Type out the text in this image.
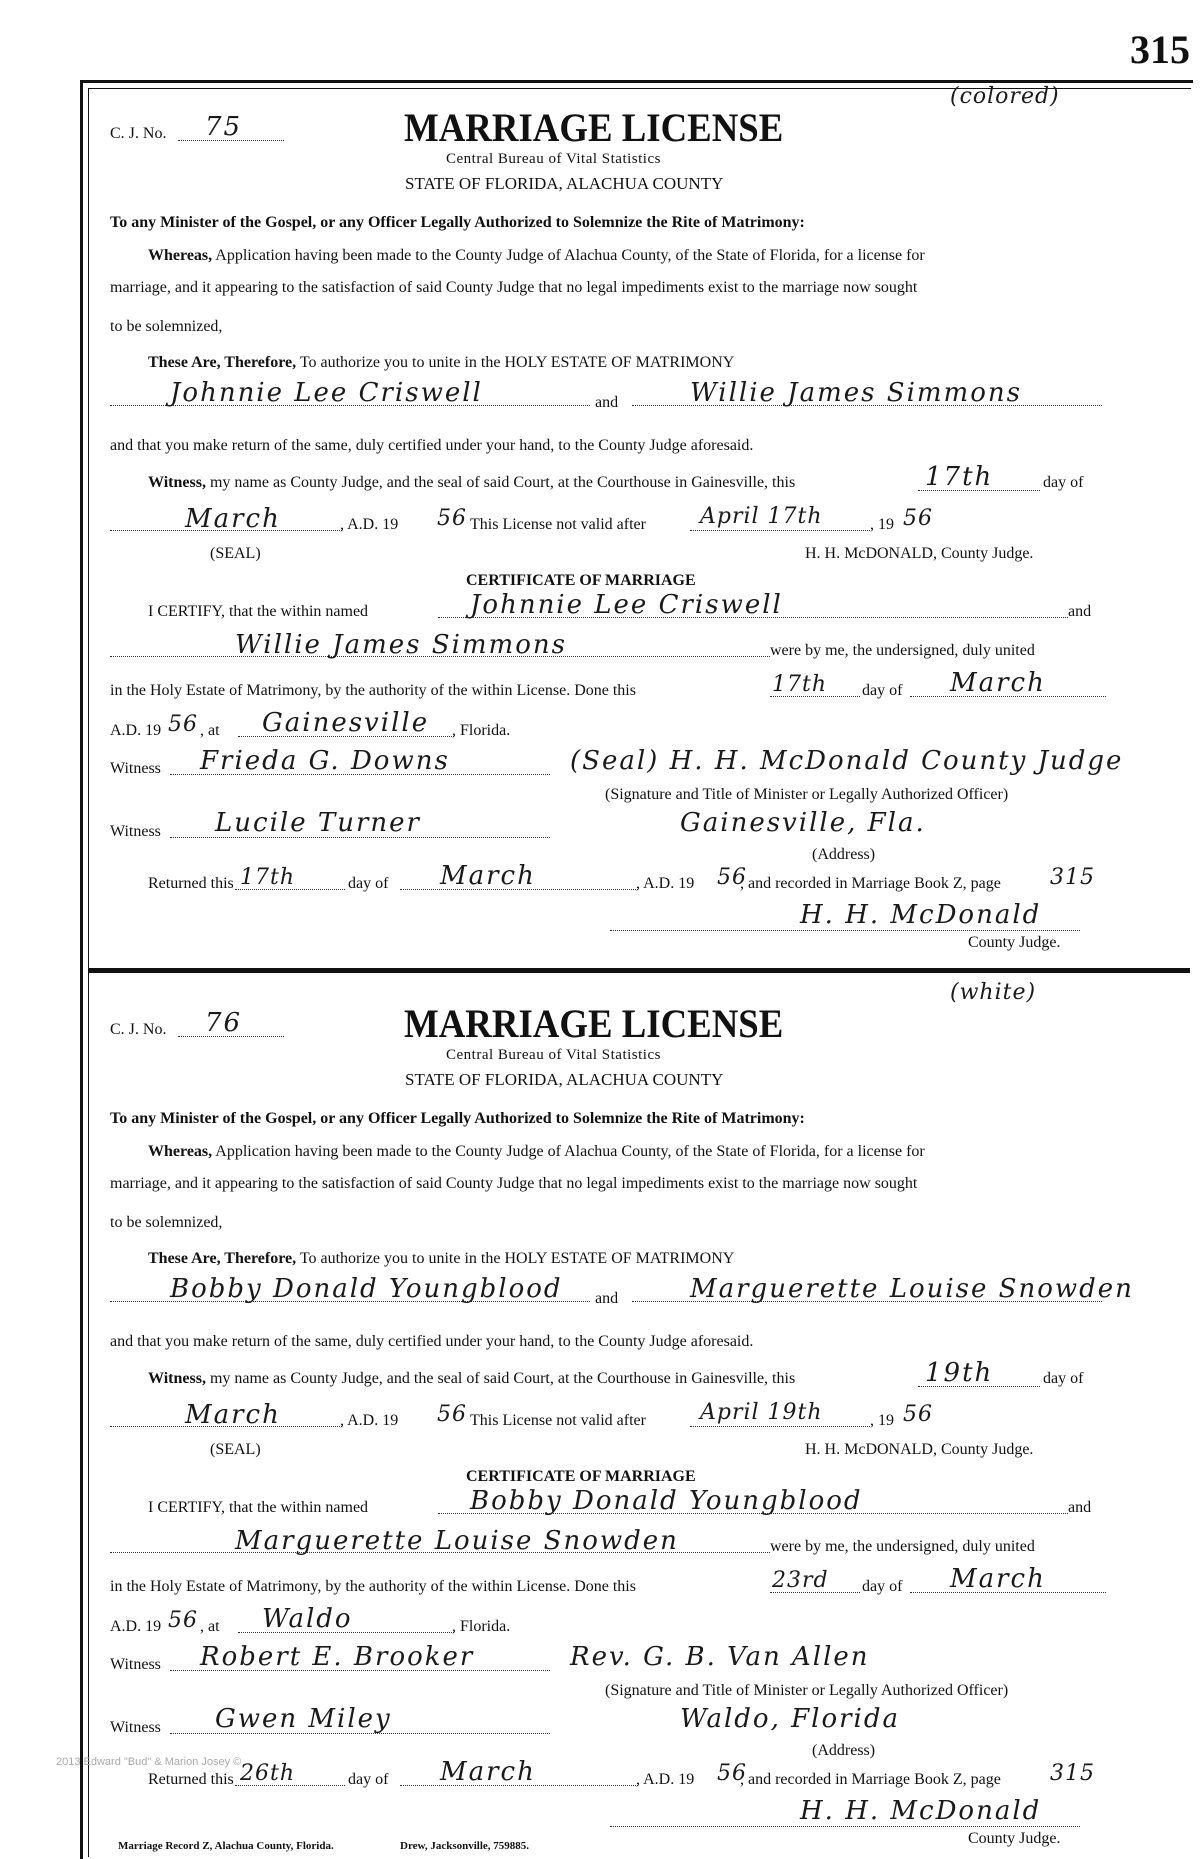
315
C. J. No. 75
(colored)
MARRIAGE LICENSE
Central Bureau of Vital Statistics
STATE OF FLORIDA, ALACHUA COUNTY
To any Minister of the Gospel, or any Officer Legally Authorized to Solemnize the Rite of Matrimony:
Whereas, Application having been made to the County Judge of Alachua County, of the State of Florida, for a license for
marriage, and it appearing to the satisfaction of said County Judge that no legal impediments exist to the marriage now sought
to be solemnized,
These Are, Therefore, To authorize you to unite in the HOLY ESTATE OF MATRIMONY
Johnnie Lee Criswell	and	Willie James Simmons
and that you make return of the same, duly certified under your hand, to the County Judge aforesaid.
Witness, my name as County Judge, and the seal of said Court, at the Courthouse in Gainesville, this	17th	day of
March	, A.D. 19 56 This License not valid after April 17th	, 19 56
(SEAL)	H. H. McDONALD, County Judge.
CERTIFICATE OF MARRIAGE
I CERTIFY, that the within named	Johnnie Lee Criswell	and
Willie James Simmons	were by me, the undersigned, duly united
in the Holy Estate of Matrimony, by the authority of the within License. Done this	17th day of March
A.D. 19 56 , at Gainesville , Florida.
Witness Frieda G. Downs	(Seal) H. H. McDonald County Judge
(Signature and Title of Minister or Legally Authorized Officer)
Witness Lucile Turner	Gainesville, Fla.
(Address)
Returned this 17th	day of March	, A.D. 19 56
, and recorded in Marriage Book Z, page 315
H. H. McDonald
County Judge.
C. J. No. 76
(white)
MARRIAGE LICENSE
Central Bureau of Vital Statistics
STATE OF FLORIDA, ALACHUA COUNTY
To any Minister of the Gospel, or any Officer Legally Authorized to Solemnize the Rite of Matrimony:
Whereas, Application having been made to the County Judge of Alachua County, of the State of Florida, for a license for
marriage, and it appearing to the satisfaction of said County Judge that no legal impediments exist to the marriage now sought
to be solemnized,
These Are, Therefore, To authorize you to unite in the HOLY ESTATE OF MATRIMONY
Bobby Donald Youngblood and	Marguerette Louise Snowden
and that you make return of the same, duly certified under your hand, to the County Judge aforesaid.
Witness, my name as County Judge, and the seal of said Court, at the Courthouse in Gainesville, this	19th	day of
March	, A.D. 19 56 This License not valid after April 19th	, 19 56
(SEAL)	H. H. McDONALD, County Judge.
CERTIFICATE OF MARRIAGE
I CERTIFY, that the within named	Bobby Donald Youngblood	and
Marguerette Louise Snowden	were by me, the undersigned, duly united
in the Holy Estate of Matrimony, by the authority of the within License. Done this	23rd day of March
A.D. 19 56 , at Waldo	, Florida.
Witness Robert E. Brooker	Rev. G. B. Van Allen
(Signature and Title of Minister or Legally Authorized Officer)
Witness Gwen Miley	Waldo, Florida
(Address)
Returned this 26th	day of March	, A.D. 19 56
, and recorded in Marriage Book Z, page 315
H. H. McDonald
County Judge.
2013 Edward "Bud" & Marion Josey ©
Marriage Record Z, Alachua County, Florida.	Drew, Jacksonville, 759885.
